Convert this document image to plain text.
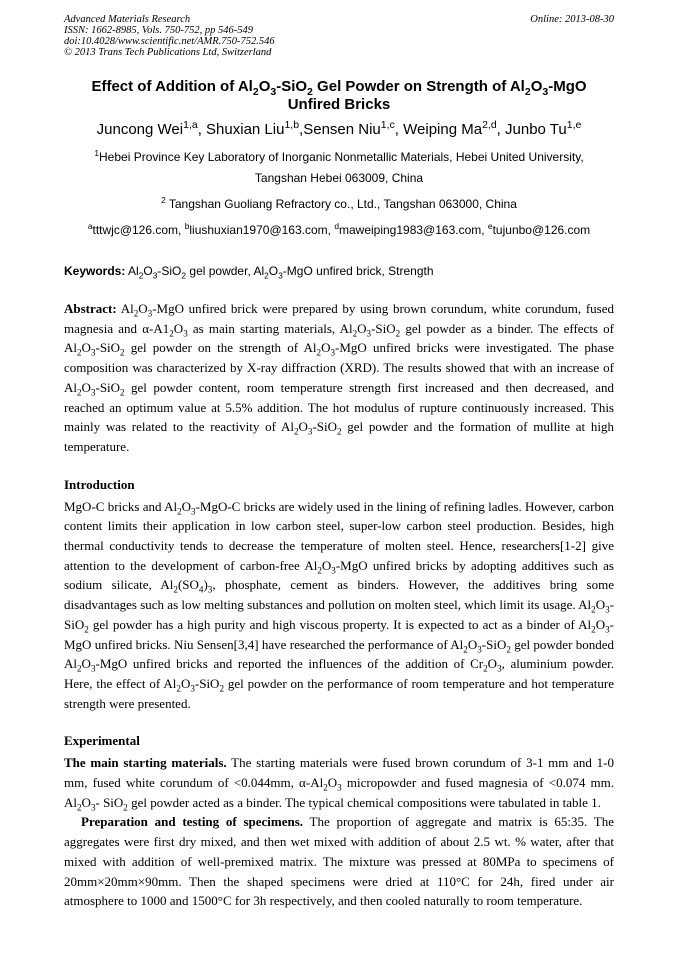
Advanced Materials Research
ISSN: 1662-8985, Vols. 750-752, pp 546-549
doi:10.4028/www.scientific.net/AMR.750-752.546
© 2013 Trans Tech Publications Ltd, Switzerland
Online: 2013-08-30
Effect of Addition of $Al_2O_3-SiO_2$ Gel Powder on Strength of $Al_2O_3$-MgO
Unfired Bricks
Juncong Wei$^{1,a}$, Shuxian Liu$^{1,b}$,Sensen Niu$^{1,c}$, Weiping Ma$^{2,d}$, Junbo Tu$^{1,e}$
$^1$Hebei Province Key Laboratory of Inorganic Nonmetallic Materials, Hebei United University,
Tangshan Hebei 063009, China
$^2$ Tangshan Guoliang Refractory co., Ltd., Tangshan 063000, China
$^a$tttwjc@126.com, $^b$liushuxian1970@163.com, $^d$maweiping1983@163.com, $^e$tujunbo@126.com
Keywords: $Al_2O_3-SiO_2$ gel powder, $Al_2O_3$-MgO unfired brick, Strength
Abstract: $Al_2O_3$-MgO unfired brick were prepared by using brown corundum, white corundum, fused magnesia and $\alpha-A1_2O_3$ as main starting materials, $Al_2O_3-SiO_2$ gel powder as a binder. The effects of $Al_2O_3-SiO_2$ gel powder on the strength of $Al_2O_3$-MgO unfired bricks were investigated. The phase composition was characterized by X-ray diffraction (XRD). The results showed that with an increase of $Al_2O_3-SiO_2$ gel powder content, room temperature strength first increased and then decreased, and reached an optimum value at 5.5% addition. The hot modulus of rupture continuously increased. This mainly was related to the reactivity of $Al_2O_3-SiO_2$ gel powder and the formation of mullite at high temperature.
Introduction
MgO-C bricks and $Al_2O_3-MgO-C$ bricks are widely used in the lining of refining ladles. However, carbon content limits their application in low carbon steel, super-low carbon steel production. Besides, high thermal conductivity tends to decrease the temperature of molten steel. Hence, researchers[1-2] give attention to the development of carbon-free $Al_2O_3$-MgO unfired bricks by adopting additives such as sodium silicate, $Al_2(SO_4)_3$, phosphate, cement as binders. However, the additives bring some disadvantages such as low melting substances and pollution on molten steel, which limit its usage. $Al_2O_3-SiO_2$ gel powder has a high purity and high viscous property. It is expected to act as a binder of $Al_2O_3$-MgO unfired bricks. Niu Sensen[3,4] have researched the performance of $Al_2O_3-SiO_2$ gel powder bonded $Al_2O_3$-MgO unfired bricks and reported the influences of the addition of $Cr_2O_3$, aluminium powder. Here, the effect of $Al_2O_3-SiO_2$ gel powder on the performance of room temperature and hot temperature strength were presented.
Experimental
The main starting materials. The starting materials were fused brown corundum of 3-1 mm and 1-0 mm, fused white corundum of <0.044mm, $\alpha-Al_2O_3$ micropowder and fused magnesia of <0.074 mm. $Al_2O_3-$ SiO$_2$ gel powder acted as a binder. The typical chemical compositions were tabulated in table 1.
Preparation and testing of specimens. The proportion of aggregate and matrix is 65:35. The aggregates were first dry mixed, and then wet mixed with addition of about 2.5 wt. % water, after that mixed with addition of well-premixed matrix. The mixture was pressed at 80MPa to specimens of 20mm×20mm×90mm. Then the shaped specimens were dried at 110°C for 24h, fired under air atmosphere to 1000 and 1500°C for 3h respectively, and then cooled naturally to room temperature.
